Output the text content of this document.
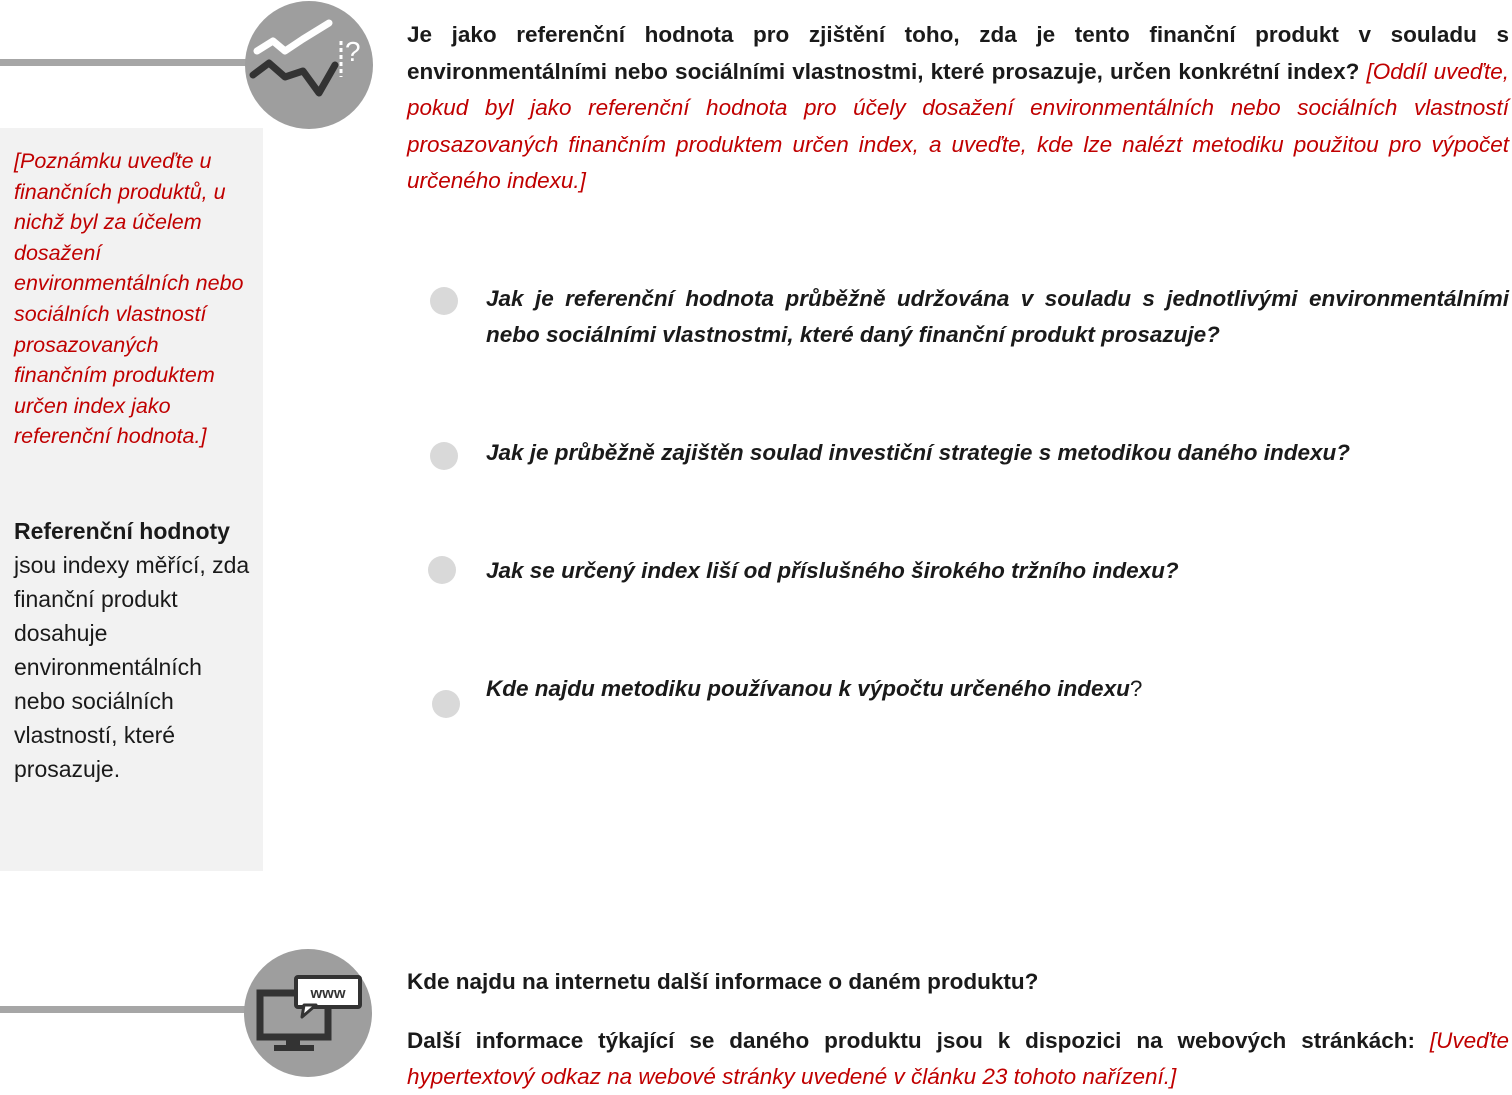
?
[Poznámku uveďte u finančních produktů, u nichž byl za účelem dosažení environmentálních nebo sociálních vlastností prosazovaných finančním produktem určen index jako referenční hodnota.]
Referenční hodnoty jsou indexy měřící, zda finanční produkt dosahuje environmentálních nebo sociálních vlastností, které prosazuje.
Je jako referenční hodnota pro zjištění toho, zda je tento finanční produkt v souladu s environmentálními nebo sociálními vlastnostmi, které prosazuje, určen konkrétní index? [Oddíl uveďte, pokud byl jako referenční hodnota pro účely dosažení environmentálních nebo sociálních vlastností prosazovaných finančním produktem určen index, a uveďte, kde lze nalézt metodiku použitou pro výpočet určeného indexu.]
Jak je referenční hodnota průběžně udržována v souladu s jednotlivými environmentálními nebo sociálními vlastnostmi, které daný finanční produkt prosazuje?
Jak je průběžně zajištěn soulad investiční strategie s metodikou daného indexu?
Jak se určený index liší od příslušného širokého tržního indexu?
Kde najdu metodiku používanou k výpočtu určeného indexu?
www	Kde najdu na internetu další informace o daném produktu?
Další informace týkající se daného produktu jsou k dispozici na webových stránkách: [Uveďte hypertextový odkaz na webové stránky uvedené v článku 23 tohoto nařízení.]
